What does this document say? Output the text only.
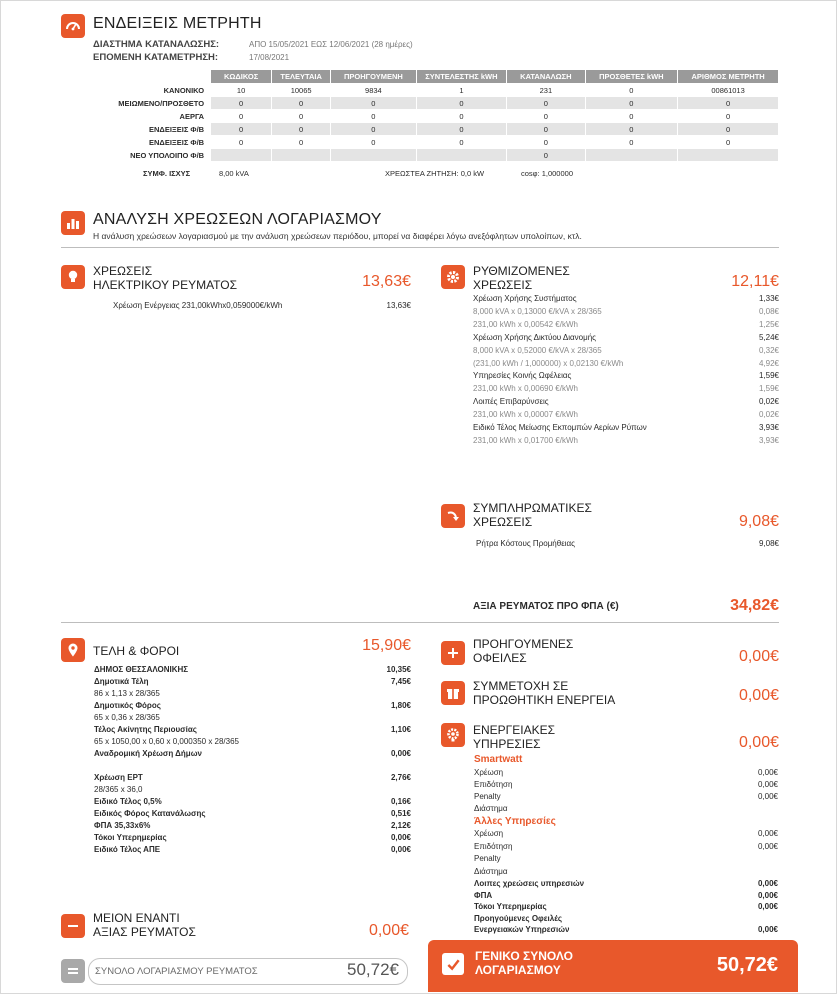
ΕΝΔΕΙΞΕΙΣ ΜΕΤΡΗΤΗ
ΔΙΑΣΤΗΜΑ ΚΑΤΑΝΑΛΩΣΗΣ:	ΑΠΟ 15/05/2021 ΕΩΣ 12/06/2021 (28 ημέρες)
ΕΠΟΜΕΝΗ ΚΑΤΑΜΕΤΡΗΣΗ:	17/08/2021
	ΚΩΔΙΚΟΣ	ΤΕΛΕΥΤΑΙΑ	ΠΡΟΗΓΟΥΜΕΝΗ	ΣΥΝΤΕΛΕΣΤΗΣ kWH	ΚΑΤΑΝΑΛΩΣΗ	ΠΡΟΣΘΕΤΕΣ kWH	ΑΡΙΘΜΟΣ ΜΕΤΡΗΤΗ
ΚΑΝΟΝΙΚΟ	10	10065	9834	1	231	0	00861013
ΜΕΙΩΜΕΝΟ/ΠΡΟΣΘΕΤΟ	0	0	0	0	0	0	0
ΑΕΡΓΑ	0	0	0	0	0	0	0
ΕΝΔΕΙΞΕΙΣ Φ/Β	0	0	0	0	0	0	0
ΕΝΔΕΙΞΕΙΣ Φ/Β	0	0	0	0	0	0	0
ΝΕΟ ΥΠΟΛΟΙΠΟ Φ/Β					0		
ΣΥΜΦ. ΙΣΧΥΣ	8,00 kVA	ΧΡΕΩΣΤΕΑ ΖΗΤΗΣΗ: 0,0 kW	cosφ: 1,000000
ΑΝΑΛΥΣΗ ΧΡΕΩΣΕΩΝ ΛΟΓΑΡΙΑΣΜΟΥ
Η ανάλυση χρεώσεων λογαριασμού με την ανάλυση χρεώσεων περιόδου, μπορεί να διαφέρει λόγω ανεξόφλητων υπολοίπων, κτλ.
ΧΡΕΩΣΕΙΣ
ΗΛΕΚΤΡΙΚΟΥ ΡΕΥΜΑΤΟΣ	13,63€
Χρέωση Ενέργειας 231,00kWhx0,059000€/kWh	13,63€
ΡΥΘΜΙΖΟΜΕΝΕΣ
ΧΡΕΩΣΕΙΣ	12,11€
Χρέωση Χρήσης Συστήματος	1,33€
8,000 kVA x 0,13000 €/kVA x 28/365	0,08€
231,00 kWh x 0,00542 €/kWh	1,25€
Χρέωση Χρήσης Δικτύου Διανομής	5,24€
8,000 kVA x 0,52000 €/kVA x 28/365	0,32€
(231,00 kWh / 1,000000) x 0,02130 €/kWh	4,92€
Υπηρεσίες Κοινής Ωφέλειας	1,59€
231,00 kWh x 0,00690 €/kWh	1,59€
Λοιπές Επιβαρύνσεις	0,02€
231,00 kWh x 0,00007 €/kWh	0,02€
Ειδικό Τέλος Μείωσης Εκπομπών Αερίων Ρύπων	3,93€
231,00 kWh x 0,01700 €/kWh	3,93€
ΣΥΜΠΛΗΡΩΜΑΤΙΚΕΣ
ΧΡΕΩΣΕΙΣ	9,08€
Ρήτρα Κόστους Προμήθειας	9,08€
ΑΞΙΑ ΡΕΥΜΑΤΟΣ ΠΡΟ ΦΠΑ (€)	34,82€
ΤΕΛΗ & ΦΟΡΟΙ	15,90€
ΔΗΜΟΣ ΘΕΣΣΑΛΟΝΙΚΗΣ	10,35€
Δημοτικά Τέλη	7,45€
86 x 1,13 x 28/365
Δημοτικός Φόρος	1,80€
65 x 0,36 x 28/365
Τέλος Ακίνητης Περιουσίας	1,10€
65 x 1050,00 x 0,60 x 0,000350 x 28/365
Αναδρομική Χρέωση Δήμων	0,00€
Χρέωση ΕΡΤ	2,76€
28/365 x 36,0
Ειδικό Τέλος 0,5%	0,16€
Ειδικός Φόρος Κατανάλωσης	0,51€
ΦΠΑ 35,33x6%	2,12€
Τόκοι Υπερημερίας	0,00€
Ειδικό Τέλος ΑΠΕ	0,00€
ΠΡΟΗΓΟΥΜΕΝΕΣ
ΟΦΕΙΛΕΣ	0,00€
ΣΥΜΜΕΤΟΧΗ ΣΕ
ΠΡΟΩΘΗΤΙΚΗ ΕΝΕΡΓΕΙΑ	0,00€
ΕΝΕΡΓΕΙΑΚΕΣ
ΥΠΗΡΕΣΙΕΣ	0,00€
Smartwatt
Χρέωση	0,00€
Επιδότηση	0,00€
Penalty	0,00€
Διάστημα
Άλλες Υπηρεσίες
Χρέωση	0,00€
Επιδότηση	0,00€
Penalty
Διάστημα
Λοιπες χρεώσεις υπηρεσιών	0,00€
ΦΠΑ	0,00€
Τόκοι Υπερημερίας	0,00€
Προηγούμενες Οφειλές
Ενεργειακών Υπηρεσιών	0,00€
ΜΕΙΟΝ ΕΝΑΝΤΙ
ΑΞΙΑΣ ΡΕΥΜΑΤΟΣ	0,00€
ΣΥΝΟΛΟ ΛΟΓΑΡΙΑΣΜΟΥ ΡΕΥΜΑΤΟΣ	50,72€
ΓΕΝΙΚΟ ΣΥΝΟΛΟ
ΛΟΓΑΡΙΑΣΜΟΥ	50,72€
